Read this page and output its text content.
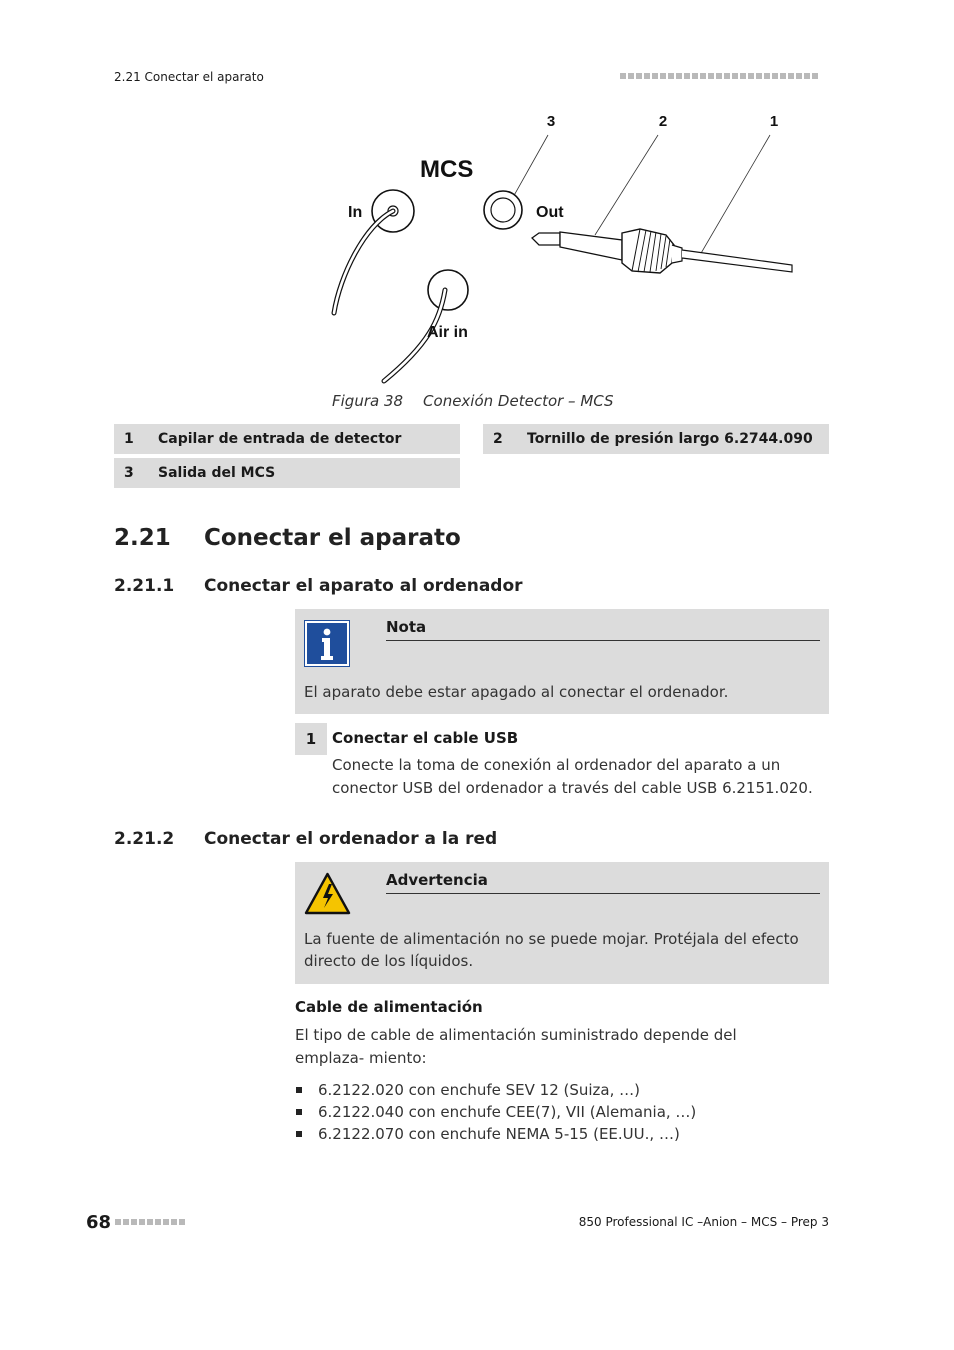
2.21 Conectar el aparato
3	2	1
MCS
In	Out
Air in
Figura 38 Conexión Detector – MCS
1	Capilar de entrada de detector	2	Tornillo de presión largo 6.2744.090
3	Salida del MCS
2.21 Conectar el aparato
2.21.1 Conectar el aparato al ordenador
Nota
El aparato debe estar apagado al conectar el ordenador.
1	Conectar el cable USB
Conecte la toma de conexión al ordenador del aparato a un conector USB del ordenador a través del cable USB 6.2151.020.
2.21.2 Conectar el ordenador a la red
Advertencia
La fuente de alimentación no se puede mojar. Protéjala del efecto directo de los líquidos.
Cable de alimentación
El tipo de cable de alimentación suministrado depende del emplaza- miento:
6.2122.020 con enchufe SEV 12 (Suiza, …)
6.2122.040 con enchufe CEE(7), VII (Alemania, …)
6.2122.070 con enchufe NEMA 5-15 (EE.UU., …)
68	850 Professional IC –Anion – MCS – Prep 3
